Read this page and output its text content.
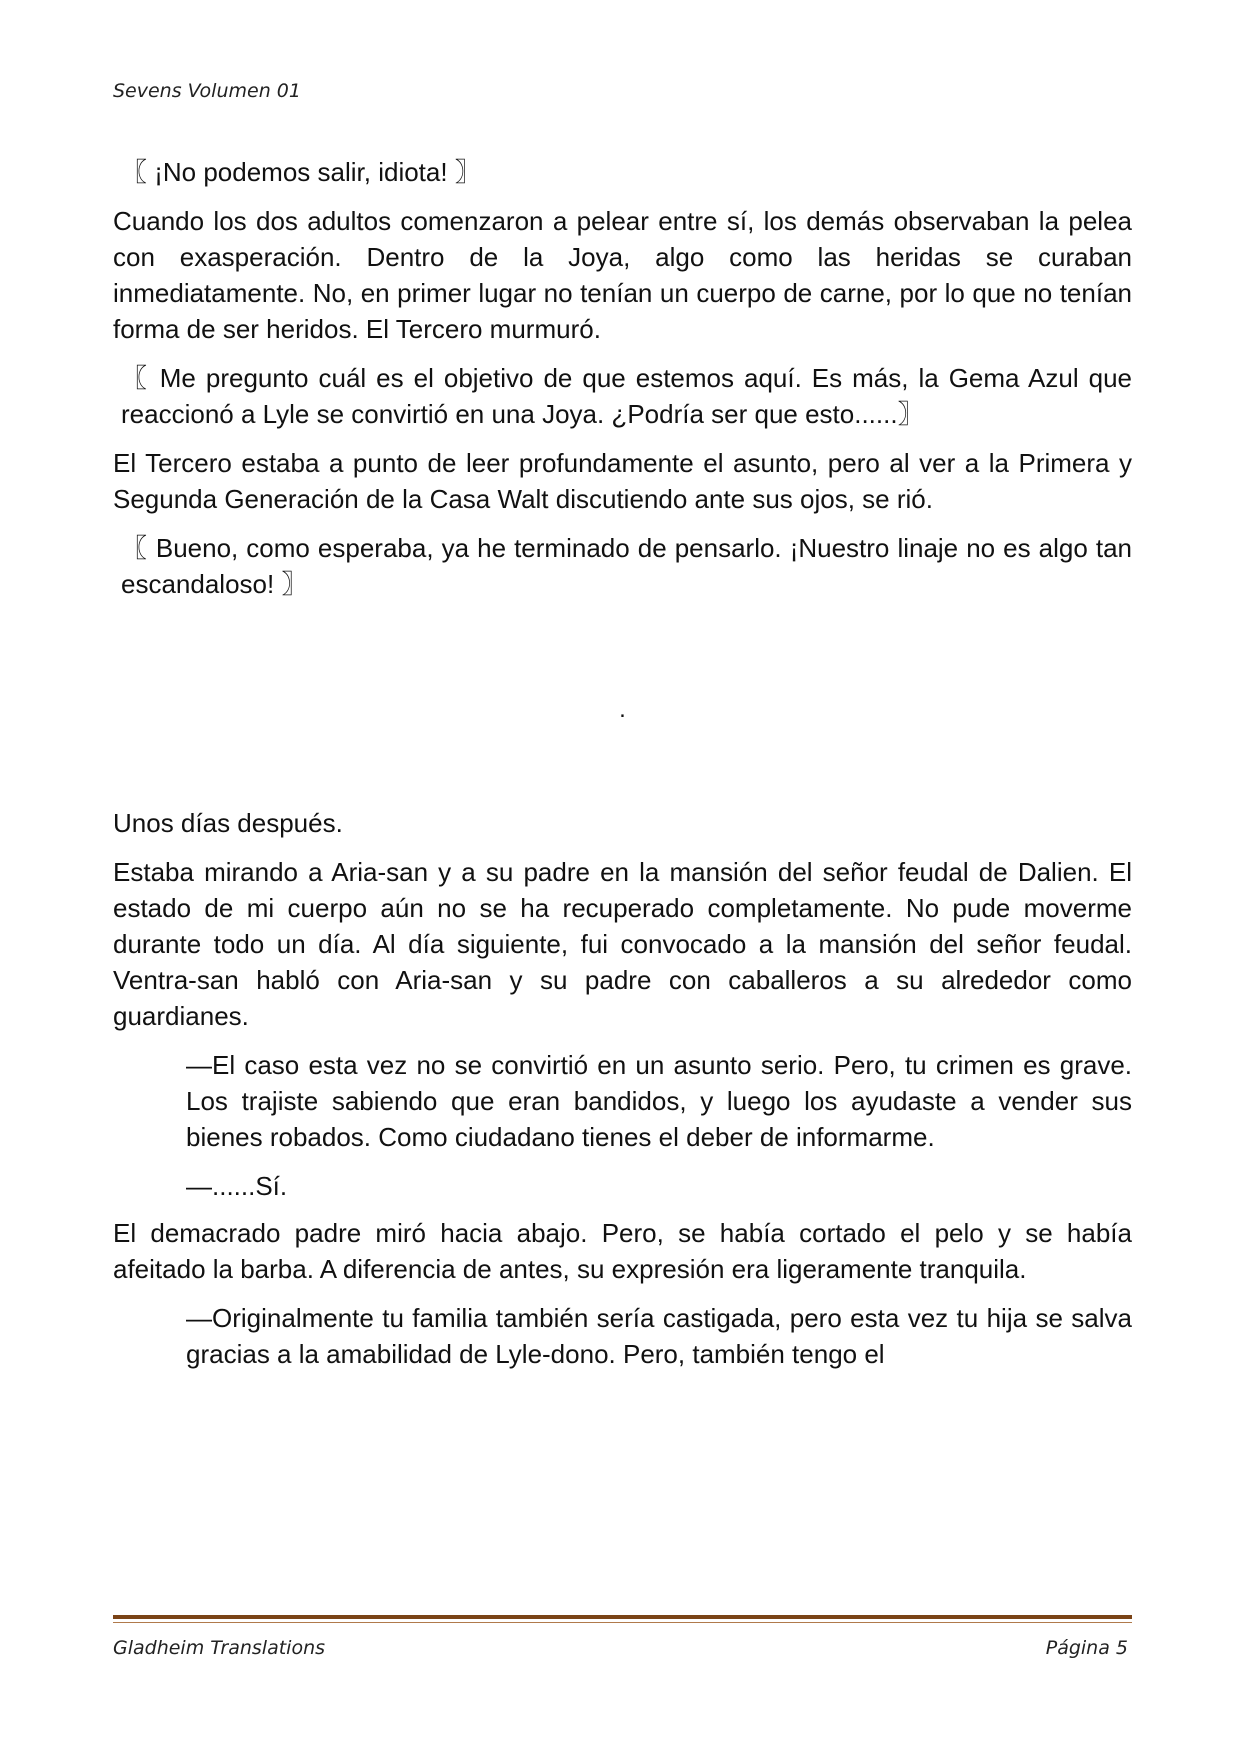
Sevens Volumen 01

〖 ¡No podemos salir, idiota! 〗

Cuando los dos adultos comenzaron a pelear entre sí, los demás observaban la pelea con exasperación. Dentro de la Joya, algo como las heridas se curaban inmediatamente. No, en primer lugar no tenían un cuerpo de carne, por lo que no tenían forma de ser heridos. El Tercero murmuró.

〖 Me pregunto cuál es el objetivo de que estemos aquí. Es más, la Gema Azul que reaccionó a Lyle se convirtió en una Joya. ¿Podría ser que esto......〗

El Tercero estaba a punto de leer profundamente el asunto, pero al ver a la Primera y Segunda Generación de la Casa Walt discutiendo ante sus ojos, se rió.

〖 Bueno, como esperaba, ya he terminado de pensarlo. ¡Nuestro linaje no es algo tan escandaloso! 〗

.

Unos días después.

Estaba mirando a Aria-san y a su padre en la mansión del señor feudal de Dalien. El estado de mi cuerpo aún no se ha recuperado completamente. No pude moverme durante todo un día. Al día siguiente, fui convocado a la mansión del señor feudal. Ventra-san habló con Aria-san y su padre con caballeros a su alrededor como guardianes.

—El caso esta vez no se convirtió en un asunto serio. Pero, tu crimen es grave. Los trajiste sabiendo que eran bandidos, y luego los ayudaste a vender sus bienes robados. Como ciudadano tienes el deber de informarme.

—......Sí.

El demacrado padre miró hacia abajo. Pero, se había cortado el pelo y se había afeitado la barba. A diferencia de antes, su expresión era ligeramente tranquila.

—Originalmente tu familia también sería castigada, pero esta vez tu hija se salva gracias a la amabilidad de Lyle-dono. Pero, también tengo el

Gladheim Translations	Página 5
